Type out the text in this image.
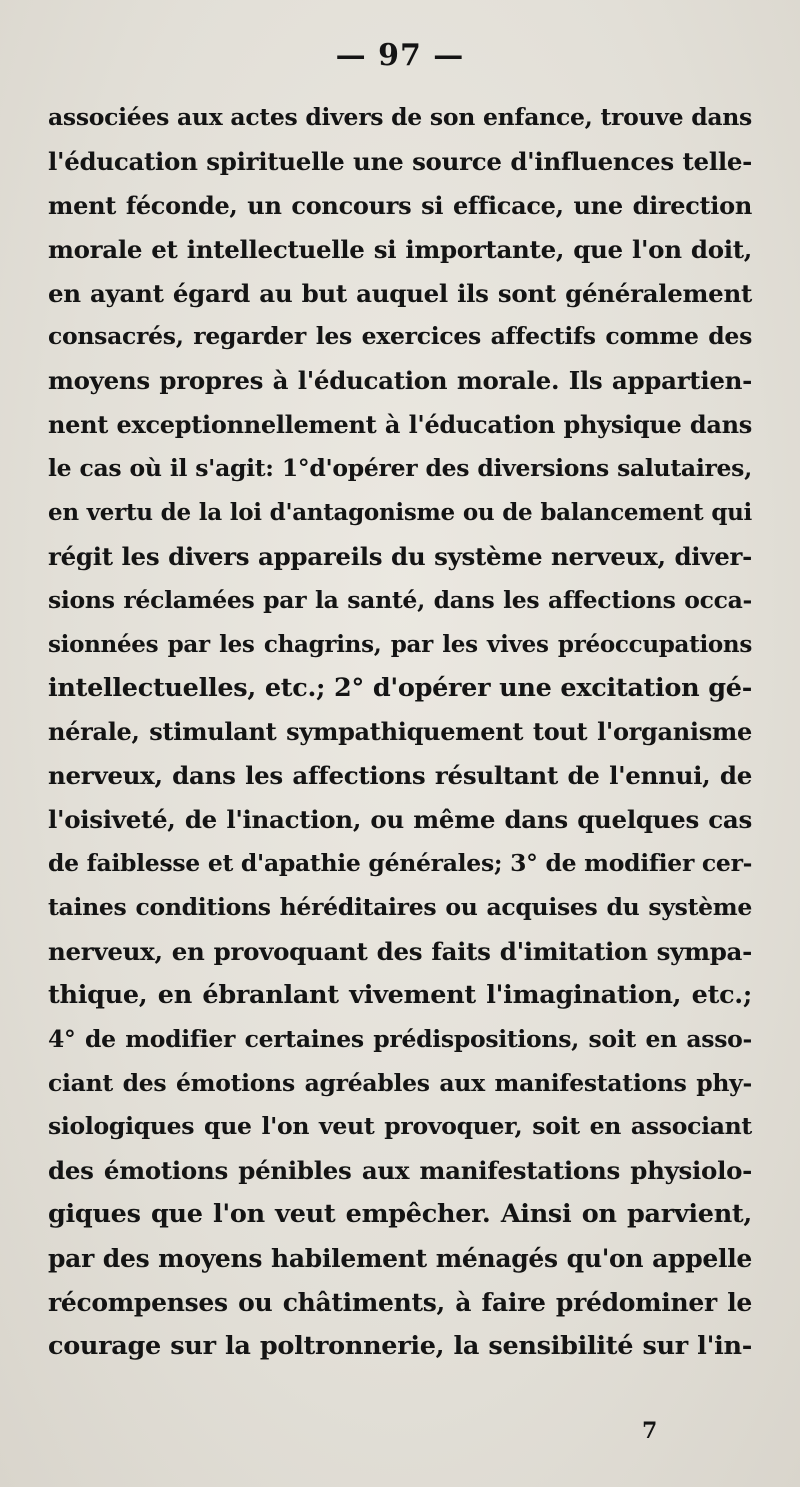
— 97 —
associées aux actes divers de son enfance, trouve dans
l'éducation spirituelle une source d'influences telle-
ment féconde, un concours si efficace, une direction
morale et intellectuelle si importante, que l'on doit,
en ayant égard au but auquel ils sont généralement
consacrés, regarder les exercices affectifs comme des
moyens propres à l'éducation morale. Ils appartien-
nent exceptionnellement à l'éducation physique dans
le cas où il s'agit: 1°d'opérer des diversions salutaires,
en vertu de la loi d'antagonisme ou de balancement qui
régit les divers appareils du système nerveux, diver-
sions réclamées par la santé, dans les affections occa-
sionnées par les chagrins, par les vives préoccupations
intellectuelles, etc.; 2° d'opérer une excitation gé-
nérale, stimulant sympathiquement tout l'organisme
nerveux, dans les affections résultant de l'ennui, de
l'oisiveté, de l'inaction, ou même dans quelques cas
de faiblesse et d'apathie générales; 3° de modifier cer-
taines conditions héréditaires ou acquises du système
nerveux, en provoquant des faits d'imitation sympa-
thique, en ébranlant vivement l'imagination, etc.;
4° de modifier certaines prédispositions, soit en asso-
ciant des émotions agréables aux manifestations phy-
siologiques que l'on veut provoquer, soit en associant
des émotions pénibles aux manifestations physiolo-
giques que l'on veut empêcher. Ainsi on parvient,
par des moyens habilement ménagés qu'on appelle
récompenses ou châtiments, à faire prédominer le
courage sur la poltronnerie, la sensibilité sur l'in-
7
